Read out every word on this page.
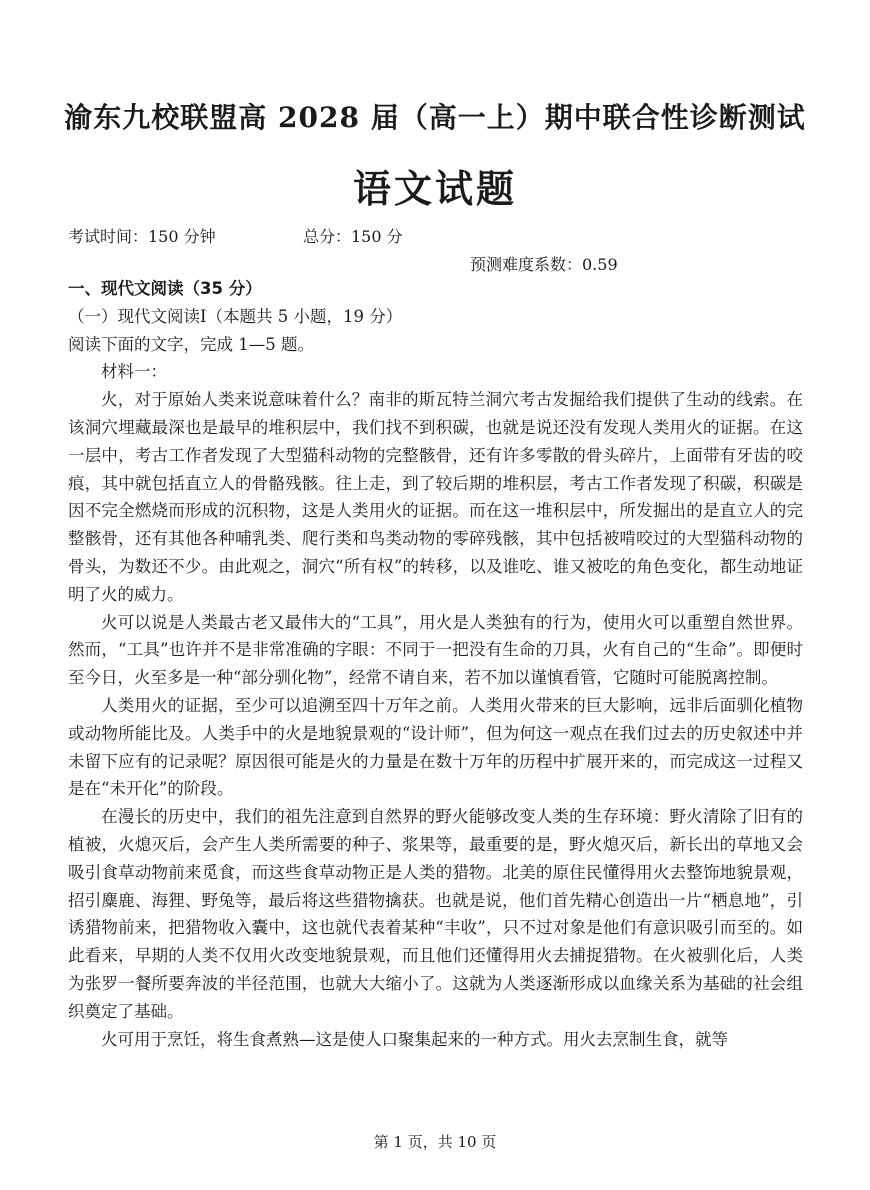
渝东九校联盟高 2028 届（高一上）期中联合性诊断测试
语文试题
考试时间：150 分钟	总分：150 分
预测难度系数：0.59
一、现代文阅读（35 分）
（一）现代文阅读Ⅰ（本题共 5 小题，19 分）
阅读下面的文字，完成 1—5 题。
材料一：

火，对于原始人类来说意味着什么？南非的斯瓦特兰洞穴考古发掘给我们提供了生动的线索。在该洞穴埋藏最深也是最早的堆积层中，我们找不到积碳，也就是说还没有发现人类用火的证据。在这一层中，考古工作者发现了大型猫科动物的完整骸骨，还有许多零散的骨头碎片，上面带有牙齿的咬痕，其中就包括直立人的骨骼残骸。往上走，到了较后期的堆积层，考古工作者发现了积碳，积碳是因不完全燃烧而形成的沉积物，这是人类用火的证据。而在这一堆积层中，所发掘出的是直立人的完整骸骨，还有其他各种哺乳类、爬行类和鸟类动物的零碎残骸，其中包括被啃咬过的大型猫科动物的骨头，为数还不少。由此观之，洞穴“所有权”的转移，以及谁吃、谁又被吃的角色变化，都生动地证明了火的威力。

火可以说是人类最古老又最伟大的“工具”，用火是人类独有的行为，使用火可以重塑自然世界。然而，“工具”也许并不是非常准确的字眼：不同于一把没有生命的刀具，火有自己的“生命”。即便时至今日，火至多是一种“部分驯化物”，经常不请自来，若不加以谨慎看管，它随时可能脱离控制。

人类用火的证据，至少可以追溯至四十万年之前。人类用火带来的巨大影响，远非后面驯化植物或动物所能比及。人类手中的火是地貌景观的“设计师”，但为何这一观点在我们过去的历史叙述中并未留下应有的记录呢？原因很可能是火的力量是在数十万年的历程中扩展开来的，而完成这一过程又是在“未开化”的阶段。

在漫长的历史中，我们的祖先注意到自然界的野火能够改变人类的生存环境：野火清除了旧有的植被，火熄灭后，会产生人类所需要的种子、浆果等，最重要的是，野火熄灭后，新长出的草地又会吸引食草动物前来觅食，而这些食草动物正是人类的猎物。北美的原住民懂得用火去整饰地貌景观，招引麋鹿、海狸、野兔等，最后将这些猎物擒获。也就是说，他们首先精心创造出一片“栖息地”，引诱猎物前来，把猎物收入囊中，这也就代表着某种“丰收”，只不过对象是他们有意识吸引而至的。如此看来，早期的人类不仅用火改变地貌景观，而且他们还懂得用火去捕捉猎物。在火被驯化后，人类为张罗一餐所要奔波的半径范围，也就大大缩小了。这就为人类逐渐形成以血缘关系为基础的社会组织奠定了基础。

火可用于烹饪，将生食煮熟—这是使人口聚集起来的一种方式。用火去烹制生食，就等

第 1 页，共 10 页
